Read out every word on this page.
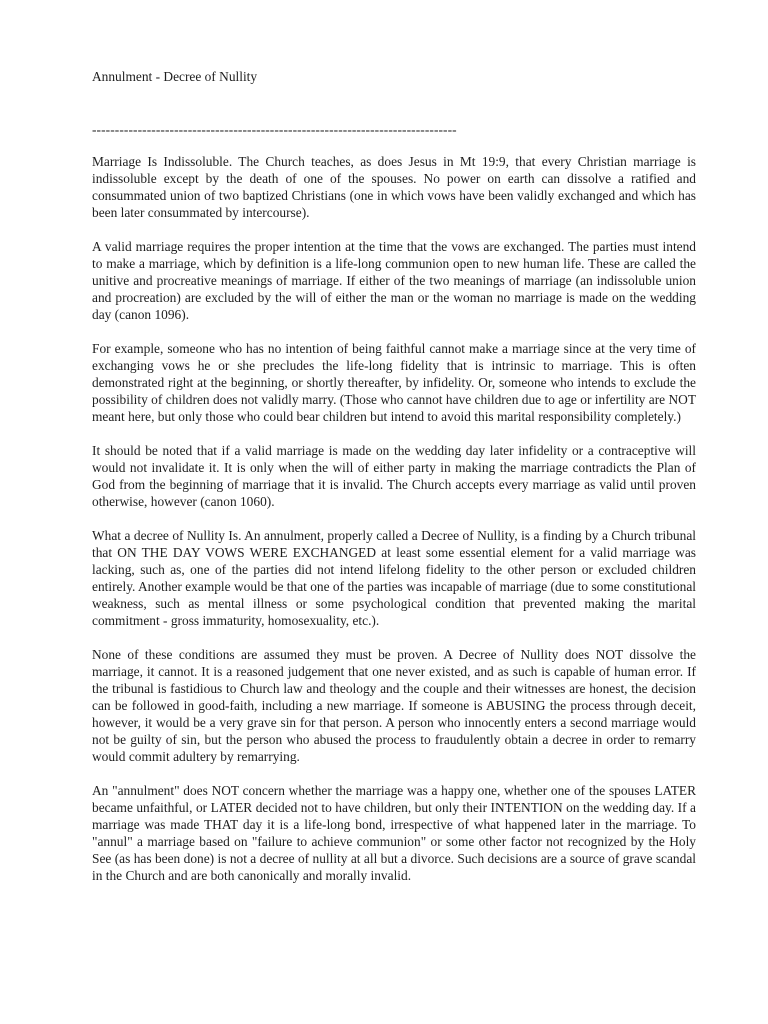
Annulment - Decree of Nullity
--------------------------------------------------------------------------------

Marriage Is Indissoluble. The Church teaches, as does Jesus in Mt 19:9, that every Christian marriage is indissoluble except by the death of one of the spouses. No power on earth can dissolve a ratified and consummated union of two baptized Christians (one in which vows have been validly exchanged and which has been later consummated by intercourse).

A valid marriage requires the proper intention at the time that the vows are exchanged. The parties must intend to make a marriage, which by definition is a life-long communion open to new human life. These are called the unitive and procreative meanings of marriage. If either of the two meanings of marriage (an indissoluble union and procreation) are excluded by the will of either the man or the woman no marriage is made on the wedding day (canon 1096).

For example, someone who has no intention of being faithful cannot make a marriage since at the very time of exchanging vows he or she precludes the life-long fidelity that is intrinsic to marriage. This is often demonstrated right at the beginning, or shortly thereafter, by infidelity. Or, someone who intends to exclude the possibility of children does not validly marry. (Those who cannot have children due to age or infertility are NOT meant here, but only those who could bear children but intend to avoid this marital responsibility completely.)

It should be noted that if a valid marriage is made on the wedding day later infidelity or a contraceptive will would not invalidate it. It is only when the will of either party in making the marriage contradicts the Plan of God from the beginning of marriage that it is invalid. The Church accepts every marriage as valid until proven otherwise, however (canon 1060).

What a decree of Nullity Is. An annulment, properly called a Decree of Nullity, is a finding by a Church tribunal that ON THE DAY VOWS WERE EXCHANGED at least some essential element for a valid marriage was lacking, such as, one of the parties did not intend lifelong fidelity to the other person or excluded children entirely. Another example would be that one of the parties was incapable of marriage (due to some constitutional weakness, such as mental illness or some psychological condition that prevented making the marital commitment - gross immaturity, homosexuality, etc.).

None of these conditions are assumed they must be proven. A Decree of Nullity does NOT dissolve the marriage, it cannot. It is a reasoned judgement that one never existed, and as such is capable of human error. If the tribunal is fastidious to Church law and theology and the couple and their witnesses are honest, the decision can be followed in good-faith, including a new marriage. If someone is ABUSING the process through deceit, however, it would be a very grave sin for that person. A person who innocently enters a second marriage would not be guilty of sin, but the person who abused the process to fraudulently obtain a decree in order to remarry would commit adultery by remarrying.

An "annulment" does NOT concern whether the marriage was a happy one, whether one of the spouses LATER became unfaithful, or LATER decided not to have children, but only their INTENTION on the wedding day. If a marriage was made THAT day it is a life-long bond, irrespective of what happened later in the marriage. To "annul" a marriage based on "failure to achieve communion" or some other factor not recognized by the Holy See (as has been done) is not a decree of nullity at all but a divorce. Such decisions are a source of grave scandal in the Church and are both canonically and morally invalid.
